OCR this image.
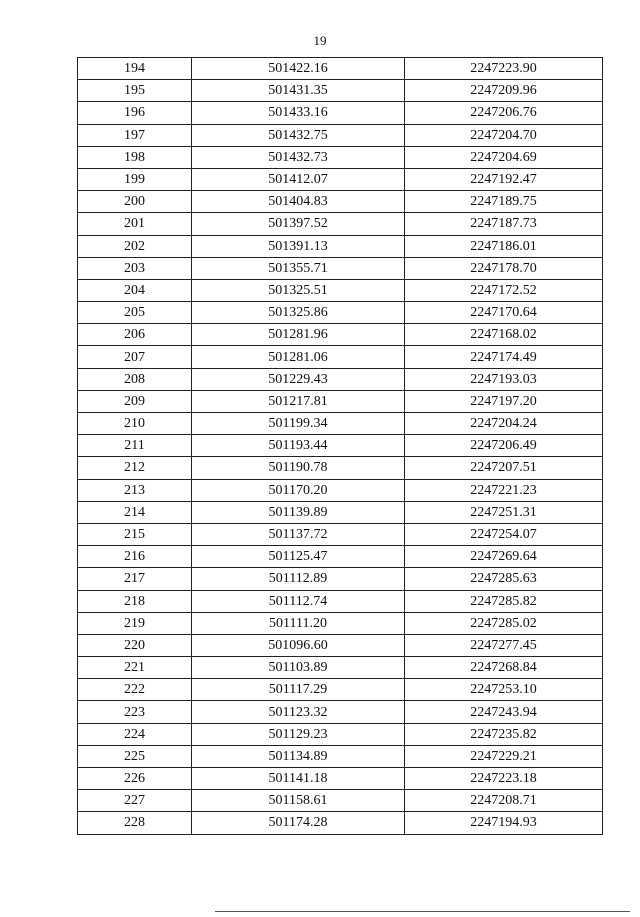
19
194	501422.16	2247223.90
195	501431.35	2247209.96
196	501433.16	2247206.76
197	501432.75	2247204.70
198	501432.73	2247204.69
199	501412.07	2247192.47
200	501404.83	2247189.75
201	501397.52	2247187.73
202	501391.13	2247186.01
203	501355.71	2247178.70
204	501325.51	2247172.52
205	501325.86	2247170.64
206	501281.96	2247168.02
207	501281.06	2247174.49
208	501229.43	2247193.03
209	501217.81	2247197.20
210	501199.34	2247204.24
211	501193.44	2247206.49
212	501190.78	2247207.51
213	501170.20	2247221.23
214	501139.89	2247251.31
215	501137.72	2247254.07
216	501125.47	2247269.64
217	501112.89	2247285.63
218	501112.74	2247285.82
219	501111.20	2247285.02
220	501096.60	2247277.45
221	501103.89	2247268.84
222	501117.29	2247253.10
223	501123.32	2247243.94
224	501129.23	2247235.82
225	501134.89	2247229.21
226	501141.18	2247223.18
227	501158.61	2247208.71
228	501174.28	2247194.93
